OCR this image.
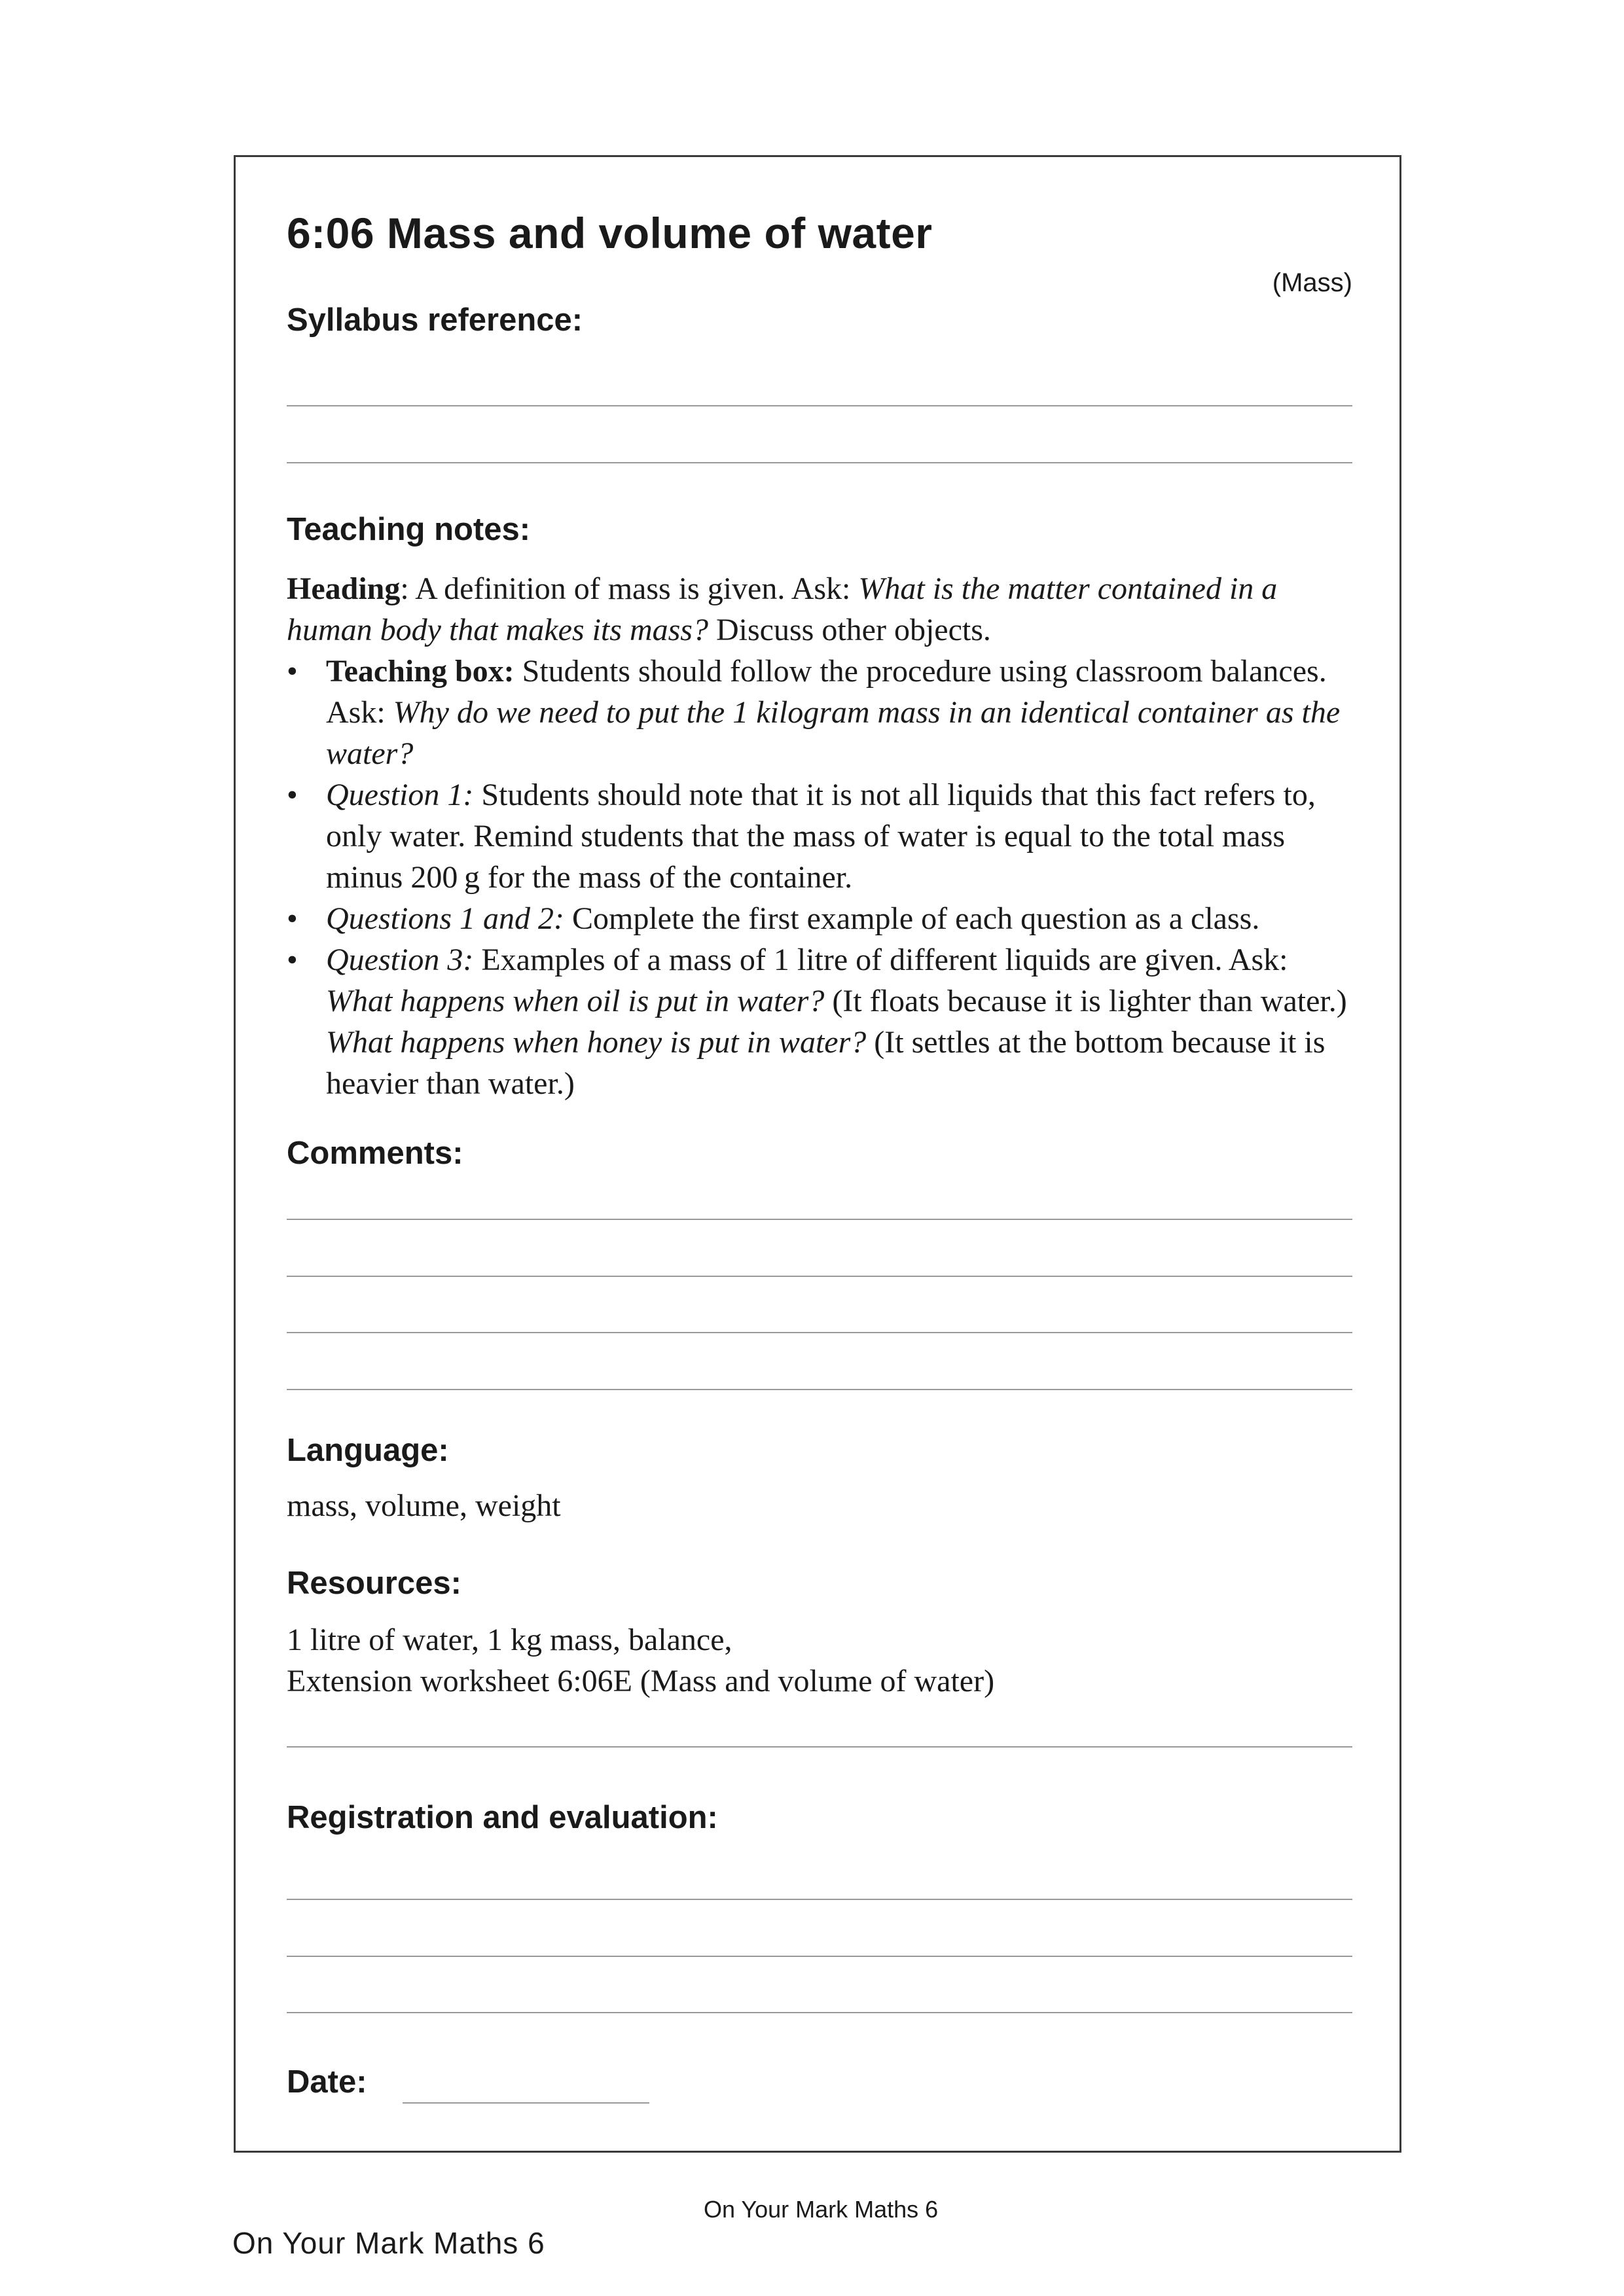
6:06 Mass and volume of water
(Mass)
Syllabus reference:
Teaching notes:

Heading: A definition of mass is given. Ask: What is the matter contained in a human body that makes its mass? Discuss other objects.

• Teaching box: Students should follow the procedure using classroom balances. Ask: Why do we need to put the 1 kilogram mass in an identical container as the water?
• Question 1: Students should note that it is not all liquids that this fact refers to, only water. Remind students that the mass of water is equal to the total mass minus 200 g for the mass of the container.
• Questions 1 and 2: Complete the first example of each question as a class.
• Question 3: Examples of a mass of 1 litre of different liquids are given. Ask: What happens when oil is put in water? (It floats because it is lighter than water.) What happens when honey is put in water? (It settles at the bottom because it is heavier than water.)
Comments:
Language:
mass, volume, weight
Resources:
1 litre of water, 1 kg mass, balance,
Extension worksheet 6:06E (Mass and volume of water)
Registration and evaluation:
Date:
On Your Mark Maths 6
On Your Mark Maths 6
